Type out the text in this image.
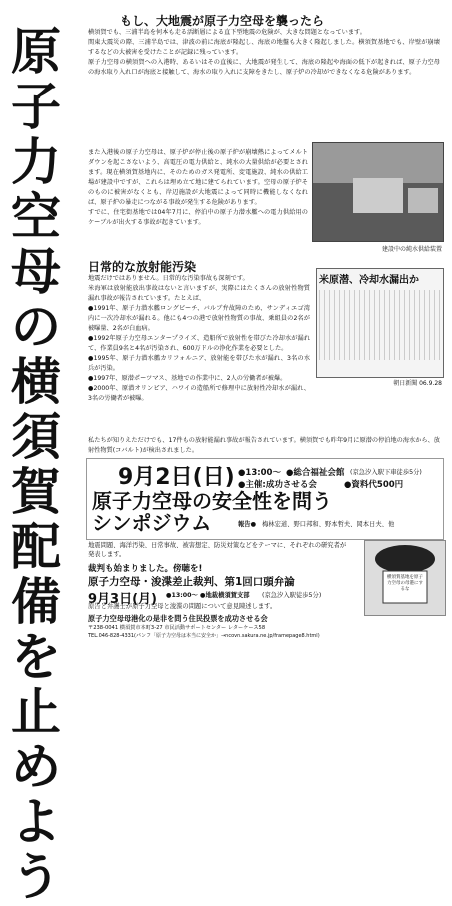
原子力空母の横須賀配備を止めよう
もし、大地震が原子力空母を襲ったら
横須賀でも、三浦半島を何本も走る活断層による直下型地震の危険が、大きな問題となっています。
関東大震災の際、三浦半島では、津波の前に海底が隆起し、海底の地盤も大きく隆起しました。横須賀基地でも、岸壁が崩壊するなどの大被害を受けたことが記録に残っています。
原子力空母の横須賀への入港時、あるいはその直後に、大地震が発生して、海底の隆起や海面の低下が起きれば、原子力空母の海水取り入れ口が海底と接触して、海水の取り入れに支障をきたし、原子炉の冷却ができなくなる危険があります。
また入港後の原子力空母は、原子炉が停止後の原子炉が崩壊熱によってメルトダウンを起こさないよう、高電圧の電力供給と、純水の大量供給が必要とされます。現在横須賀基地内に、そのためのガス発電所、変電施設、純水の供給工場が建設中ですが、これらは埋め立て地に建てられています。空母の原子炉そのものに被害がなくとも、岸辺施設が大地震によって同時に機能しなくなれば、原子炉の暴走につながる事故が発生する危険があります。
すでに、住宅街基地では04年7月に、停泊中の原子力潜水艦への電力供給用のケーブルが出火する事故が起きています。
建設中の純水供給装置
日常的な放射能汚染
地震だけではありません。日常的な汚染事故も深刻です。
米海軍は放射能放出事故はないと言いますが、実際にはたくさんの放射性物質漏れ事故が報告されています。たとえば、
● 1991年、原子力潜水艦ロングビーチ、バルブ弁故障のため、サンディエゴ湾内に一次冷却水が漏れる。他にも4つの港で放射性物質の事故、乗組員の2名が被曝量、2名が白血病。
● 1992年原子力空母エンタープライズ、造船所で放射性を帯びた冷却水が漏れて、作業員9名と4名が汚染され、600万ドルの浄化作業を必要とした。
● 1995年、原子力潜水艦カリフォルニア、放射能を帯びた水が漏れ、3名の水兵が汚染。
● 1997年、原潜ポーツマス、基地での作業中に、2人の労働者が被爆。
● 2000年、原潜オリンピア、ハワイの造船所で修理中に放射性冷却水が漏れ、3名の労働者が被曝。
私たちが知りえただけでも、17件もの放射能漏れ事故が報告されています。横須賀でも昨年9月に原潜の停泊地の海水から、放射性物質(コバルト)が検出されました。
米原潜、冷却水漏出か
朝日新聞 06.9.28
9月2日(日) ●13:00〜 ●総合福祉会館 (京急汐入駅下車徒歩5分)
●主催:成功させる会	●資料代500円
原子力空母の安全性を問う
シンポジウム	報告● 梅林宏道、野口邦和、野本哲夫、岡本日夫、他
地震問題、海洋汚染、日常事故、被害想定、防災対策などをテーマに、それぞれの研究者が発表します。
裁判も始まりました。傍聴を!
原子力空母・浚渫差止裁判、第1回口頭弁論
9月3日(月) ●13:00〜 ●地裁横須賀支部 (京急汐入駅徒歩5分)
原告と弁護士が原子力空母と浚渫の問題について意見陳述します。
横須賀基地を原子力空母の母港にするな
原子力空母母港化の是非を問う住民投票を成功させる会
〒238-0041 横須賀市本町3-27 市民活動サポートセンター レターケース58
TEL.046-828-4331(パンフ「原子力空母は本当に安全か」→ncovn.sakura.ne.jp/framepage8.html)
